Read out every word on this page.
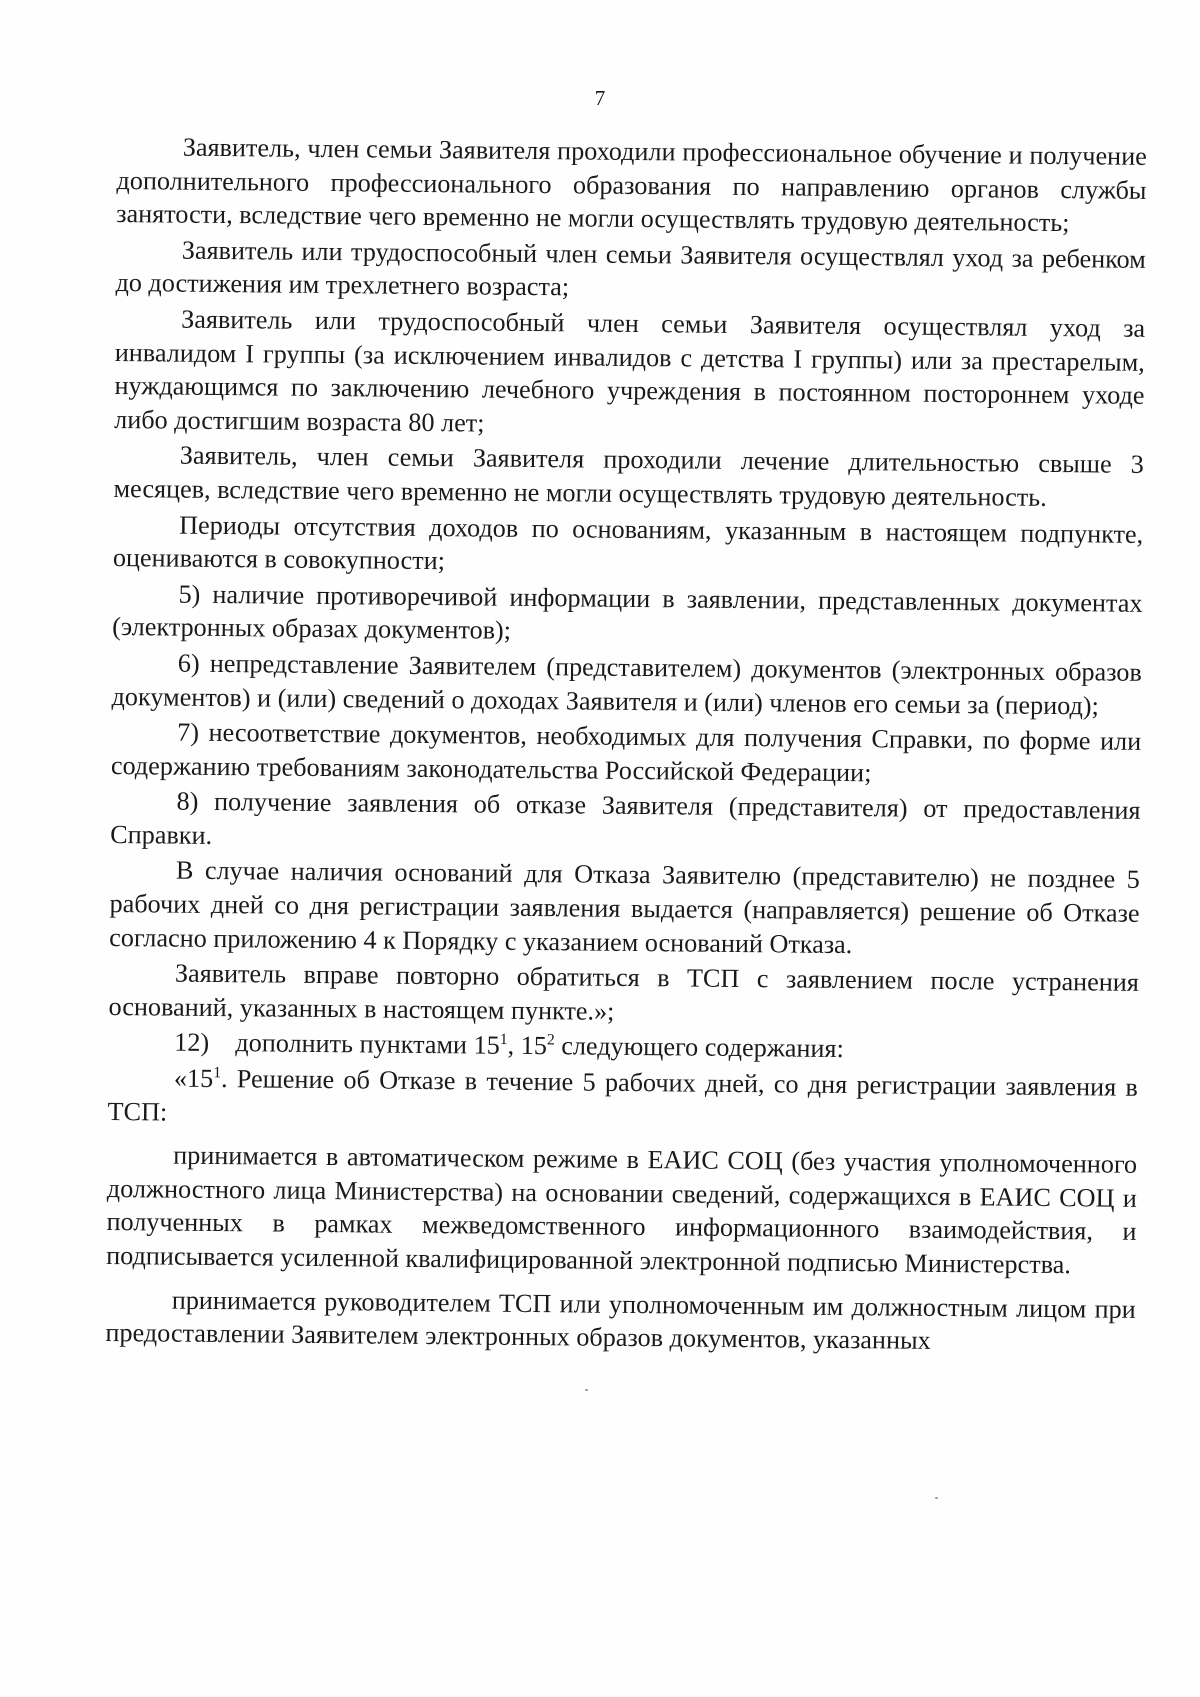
7

Заявитель, член семьи Заявителя проходили профессиональное обучение и получение дополнительного профессионального образования по направлению органов службы занятости, вследствие чего временно не могли осуществлять трудовую деятельность;

Заявитель или трудоспособный член семьи Заявителя осуществлял уход за ребенком до достижения им трехлетнего возраста;

Заявитель или трудоспособный член семьи Заявителя осуществлял уход за инвалидом I группы (за исключением инвалидов с детства I группы) или за престарелым, нуждающимся по заключению лечебного учреждения в постоянном постороннем уходе либо достигшим возраста 80 лет;

Заявитель, член семьи Заявителя проходили лечение длительностью свыше 3 месяцев, вследствие чего временно не могли осуществлять трудовую деятельность.

Периоды отсутствия доходов по основаниям, указанным в настоящем подпункте, оцениваются в совокупности;

5) наличие противоречивой информации в заявлении, представленных документах (электронных образах документов);

6) непредставление Заявителем (представителем) документов (электронных образов документов) и (или) сведений о доходах Заявителя и (или) членов его семьи за (период);

7) несоответствие документов, необходимых для получения Справки, по форме или содержанию требованиям законодательства Российской Федерации;

8) получение заявления об отказе Заявителя (представителя) от предоставления Справки.

В случае наличия оснований для Отказа Заявителю (представителю) не позднее 5 рабочих дней со дня регистрации заявления выдается (направляется) решение об Отказе согласно приложению 4 к Порядку с указанием оснований Отказа.

Заявитель вправе повторно обратиться в ТСП с заявлением после устранения оснований, указанных в настоящем пункте.»;

12) дополнить пунктами $15^1$, $15^2$ следующего содержания:

«$15^1$. Решение об Отказе в течение 5 рабочих дней, со дня регистрации заявления в ТСП:

принимается в автоматическом режиме в ЕАИС СОЦ (без участия уполномоченного должностного лица Министерства) на основании сведений, содержащихся в ЕАИС СОЦ и полученных в рамках межведомственного информационного взаимодействия, и подписывается усиленной квалифицированной электронной подписью Министерства.

принимается руководителем ТСП или уполномоченным им должностным лицом при предоставлении Заявителем электронных образов документов, указанных
